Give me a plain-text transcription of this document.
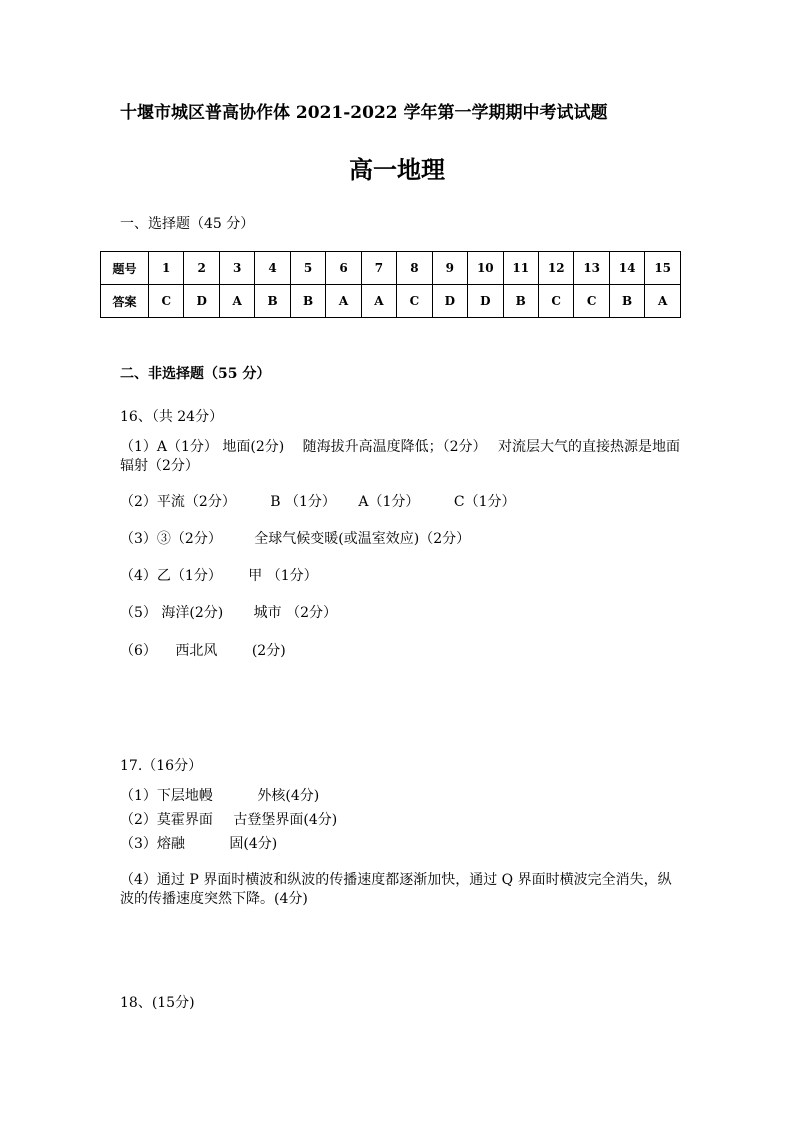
十堰市城区普高协作体 2021-2022 学年第一学期期中考试试题
高一地理
一、选择题（45 分）
题号	1	2	3	4	5	6	7	8	9	10	11	12	13	14	15
答案	C	D	A	B	B	A	A	C	D	D	B	C	C	B	A
二、非选择题（55 分）
16、（共 24分）
（1）A（1分） 地面(2分)　 随海拔升高温度降低；（2分）　 对流层大气的直接热源是地面辐射（2分）
（2）平流（2分） B （1分） A（1分） C（1分）
（3）③（2分） 全球气候变暖(或温室效应)（2分）
（4）乙（1分） 甲 （1分）
（5） 海洋(2分) 城市 （2分）
（6） 西北风 (2分)
17.（16分）
（1）下层地幔	外核(4分)
（2）莫霍界面 古登堡界面(4分)
（3）熔融	固(4分)
（4）通过 P 界面时横波和纵波的传播速度都逐渐加快，通过 Q 界面时横波完全消失，纵波的传播速度突然下降。(4分)
18、(15分)
